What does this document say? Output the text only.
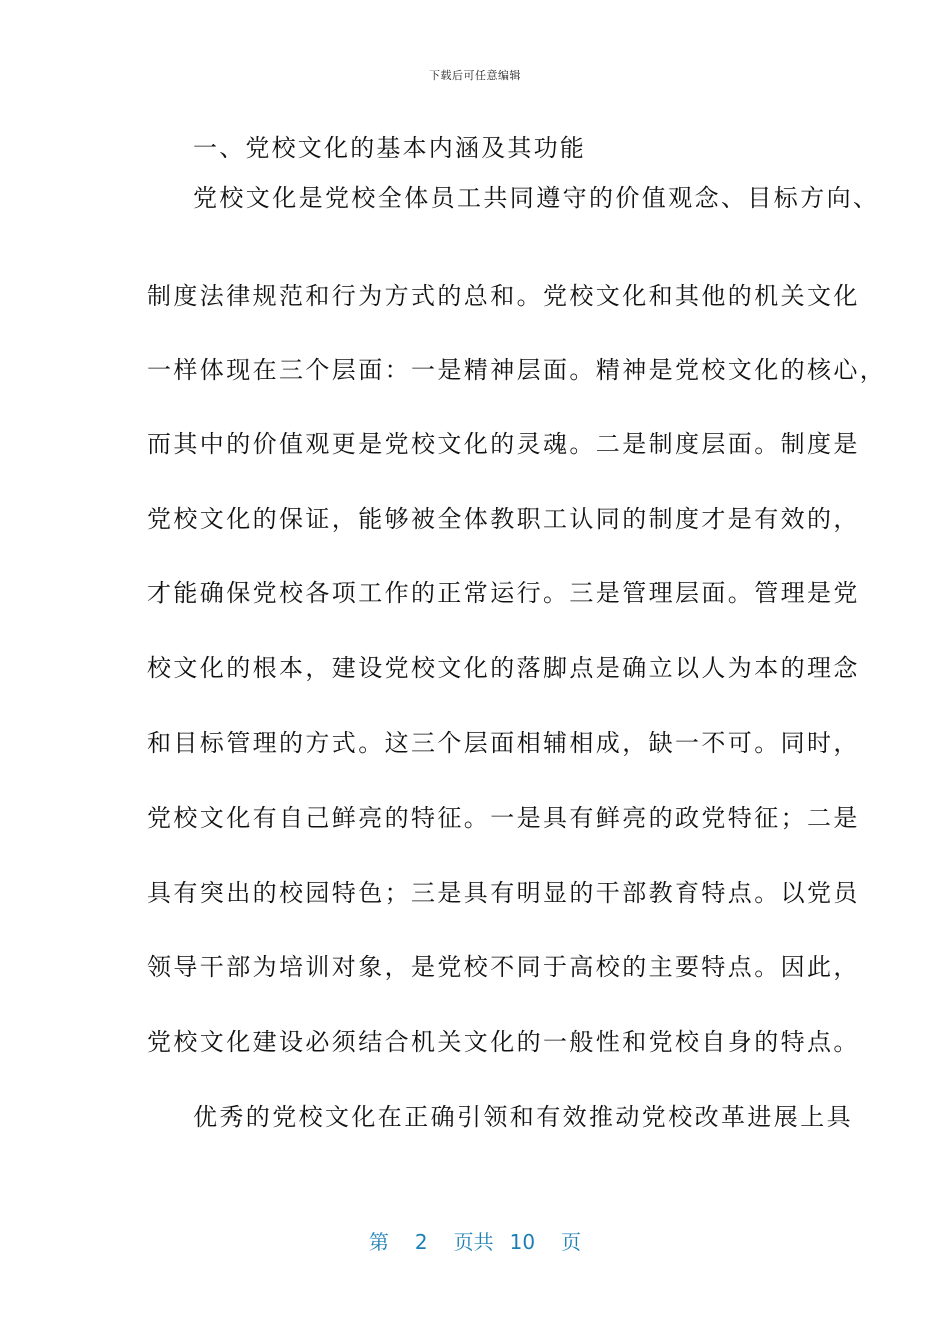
下载后可任意编辑
一、党校文化的基本内涵及其功能
党校文化是党校全体员工共同遵守的价值观念、目标方向、
制度法律规范和行为方式的总和。党校文化和其他的机关文化
一样体现在三个层面：一是精神层面。精神是党校文化的核心，
而其中的价值观更是党校文化的灵魂。二是制度层面。制度是
党校文化的保证，能够被全体教职工认同的制度才是有效的，
才能确保党校各项工作的正常运行。三是管理层面。管理是党
校文化的根本，建设党校文化的落脚点是确立以人为本的理念
和目标管理的方式。这三个层面相辅相成，缺一不可。同时，
党校文化有自己鲜亮的特征。一是具有鲜亮的政党特征；二是
具有突出的校园特色；三是具有明显的干部教育特点。以党员
领导干部为培训对象，是党校不同于高校的主要特点。因此，
党校文化建设必须结合机关文化的一般性和党校自身的特点。
优秀的党校文化在正确引领和有效推动党校改革进展上具
第 2 页共 10 页
